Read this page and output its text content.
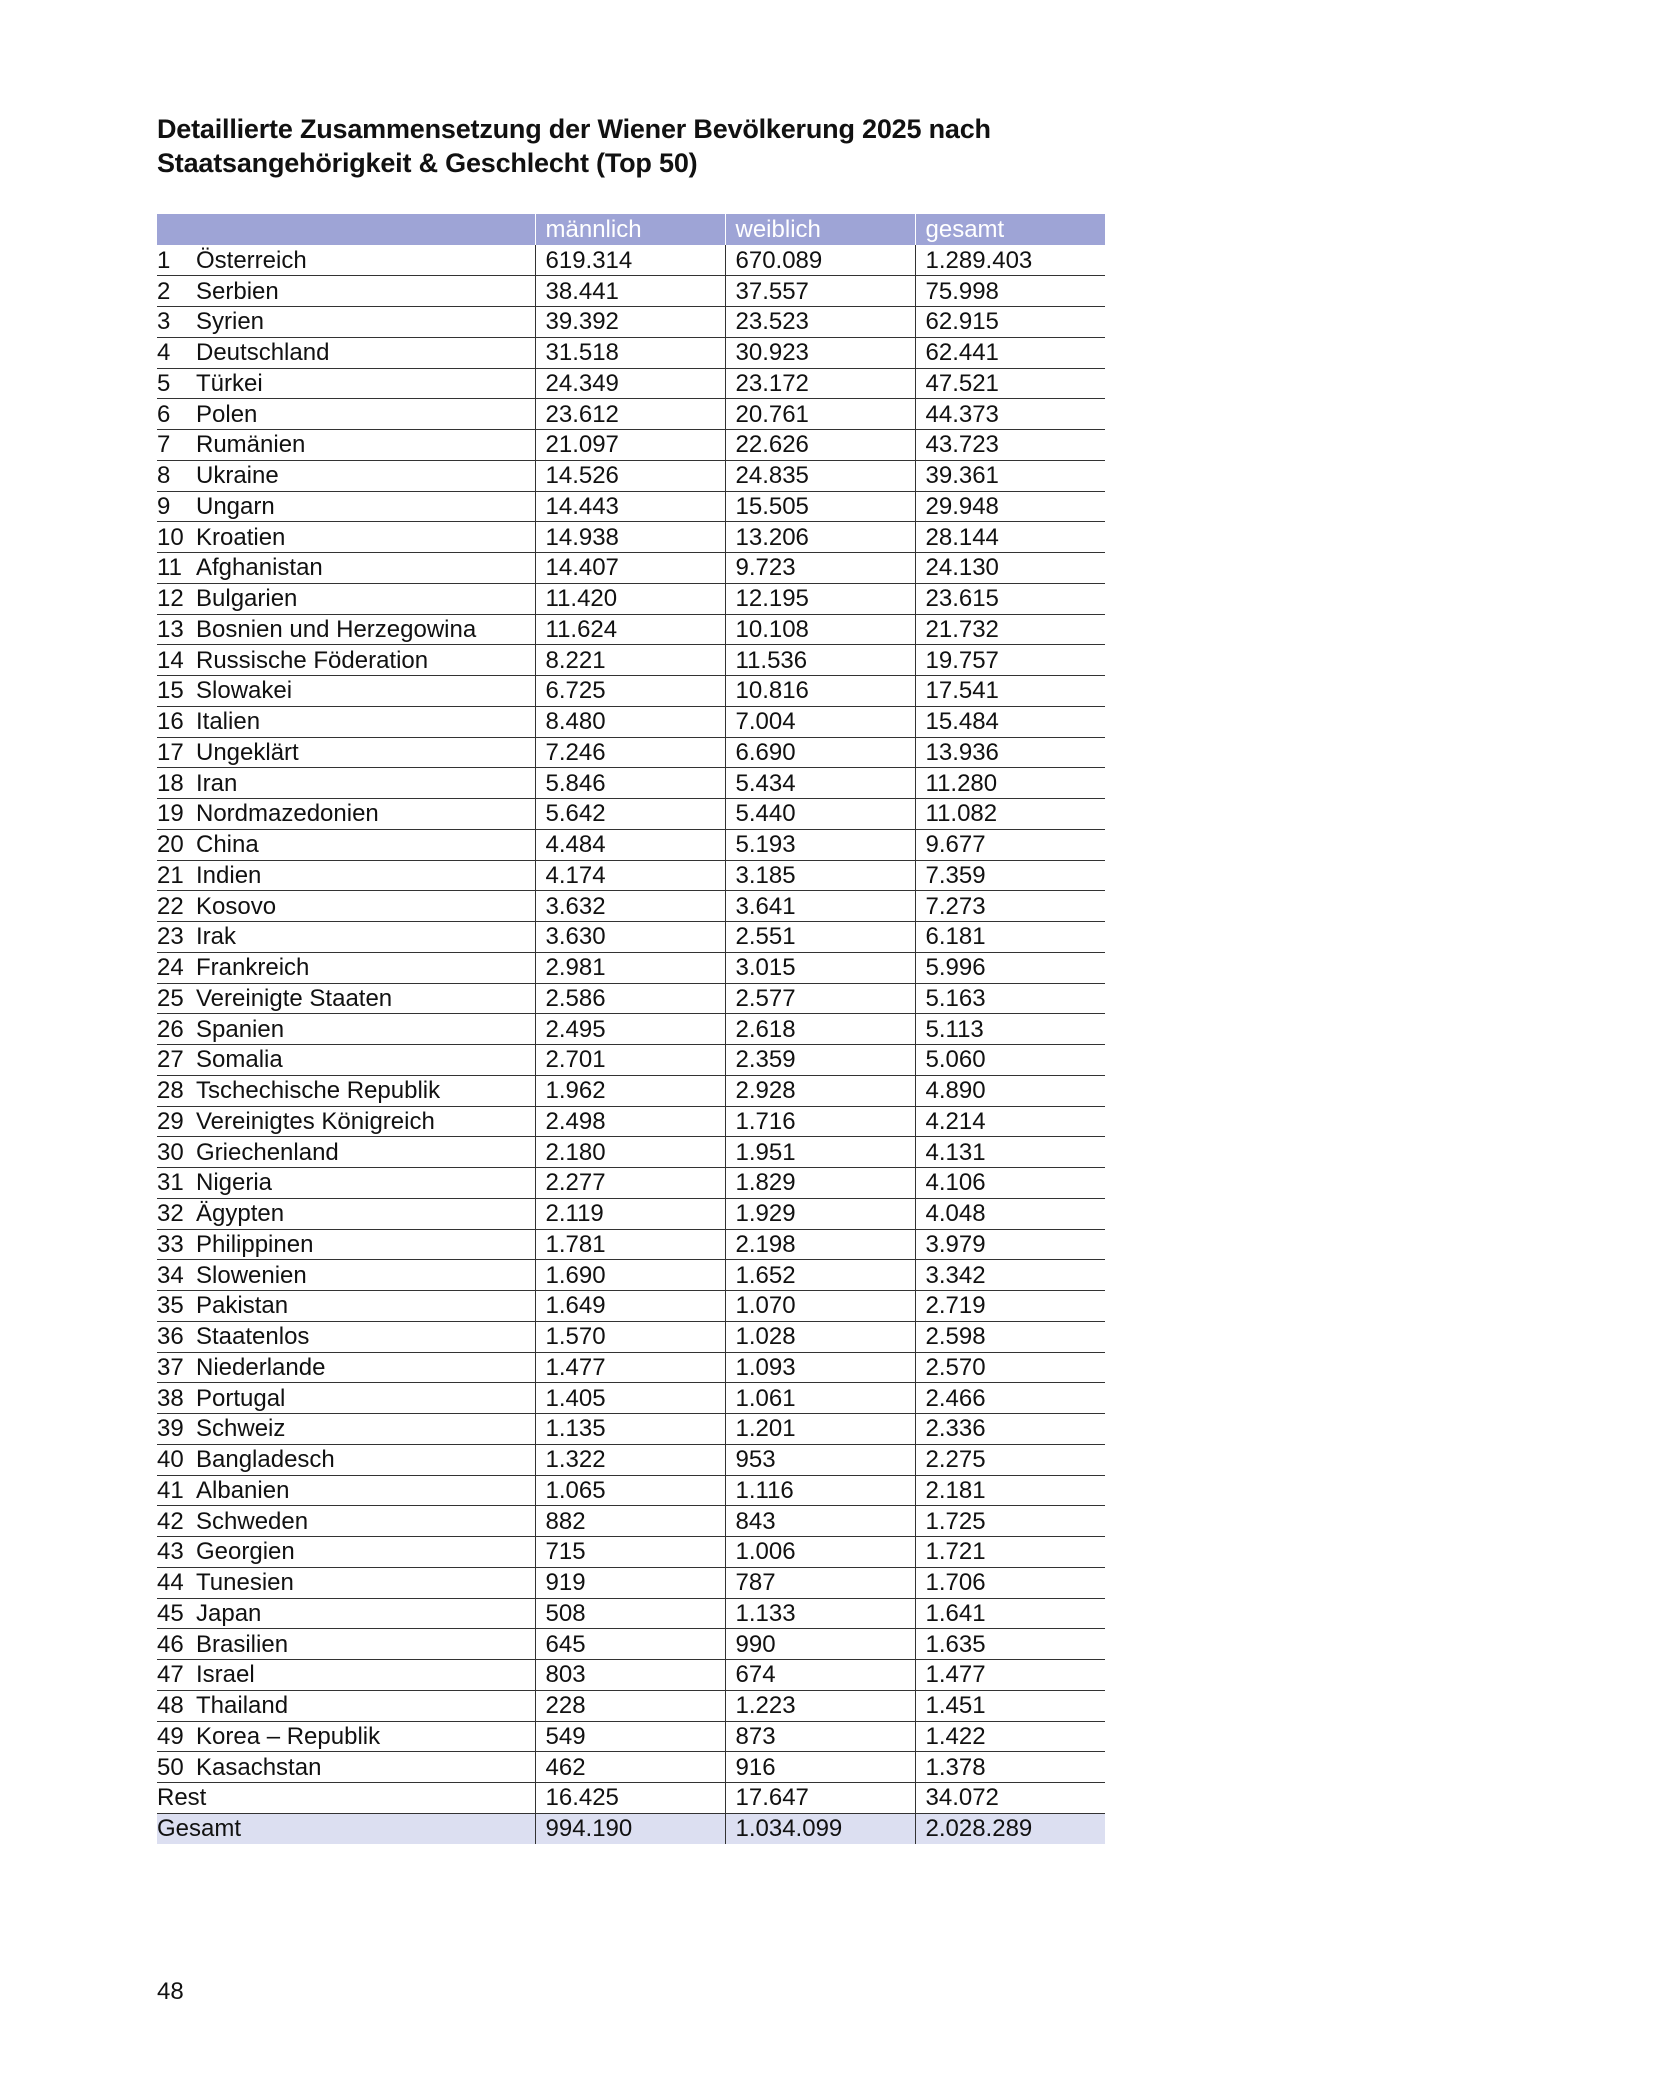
Detaillierte Zusammensetzung der Wiener Bevölkerung 2025 nach
Staatsangehörigkeit & Geschlecht (Top 50)
	männlich	weiblich	gesamt
1 Österreich	619.314	670.089	1.289.403
2 Serbien	38.441	37.557	75.998
3 Syrien	39.392	23.523	62.915
4 Deutschland	31.518	30.923	62.441
5 Türkei	24.349	23.172	47.521
6 Polen	23.612	20.761	44.373
7 Rumänien	21.097	22.626	43.723
8 Ukraine	14.526	24.835	39.361
9 Ungarn	14.443	15.505	29.948
10 Kroatien	14.938	13.206	28.144
11 Afghanistan	14.407	9.723	24.130
12 Bulgarien	11.420	12.195	23.615
13 Bosnien und Herzegowina	11.624	10.108	21.732
14 Russische Föderation	8.221	11.536	19.757
15 Slowakei	6.725	10.816	17.541
16 Italien	8.480	7.004	15.484
17 Ungeklärt	7.246	6.690	13.936
18 Iran	5.846	5.434	11.280
19 Nordmazedonien	5.642	5.440	11.082
20 China	4.484	5.193	9.677
21 Indien	4.174	3.185	7.359
22 Kosovo	3.632	3.641	7.273
23 Irak	3.630	2.551	6.181
24 Frankreich	2.981	3.015	5.996
25 Vereinigte Staaten	2.586	2.577	5.163
26 Spanien	2.495	2.618	5.113
27 Somalia	2.701	2.359	5.060
28 Tschechische Republik	1.962	2.928	4.890
29 Vereinigtes Königreich	2.498	1.716	4.214
30 Griechenland	2.180	1.951	4.131
31 Nigeria	2.277	1.829	4.106
32 Ägypten	2.119	1.929	4.048
33 Philippinen	1.781	2.198	3.979
34 Slowenien	1.690	1.652	3.342
35 Pakistan	1.649	1.070	2.719
36 Staatenlos	1.570	1.028	2.598
37 Niederlande	1.477	1.093	2.570
38 Portugal	1.405	1.061	2.466
39 Schweiz	1.135	1.201	2.336
40 Bangladesch	1.322	953	2.275
41 Albanien	1.065	1.116	2.181
42 Schweden	882	843	1.725
43 Georgien	715	1.006	1.721
44 Tunesien	919	787	1.706
45 Japan	508	1.133	1.641
46 Brasilien	645	990	1.635
47 Israel	803	674	1.477
48 Thailand	228	1.223	1.451
49 Korea – Republik	549	873	1.422
50 Kasachstan	462	916	1.378
Rest	16.425	17.647	34.072
Gesamt	994.190	1.034.099	2.028.289
48
